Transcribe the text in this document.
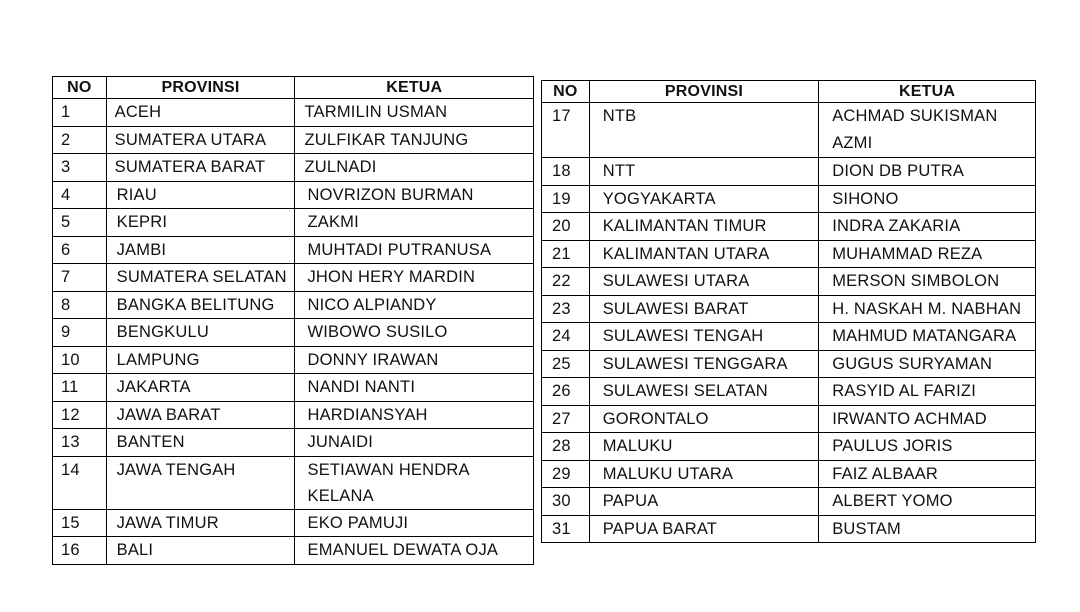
NO	PROVINSI	KETUA
1	ACEH	TARMILIN USMAN
2	SUMATERA UTARA	ZULFIKAR TANJUNG
3	SUMATERA BARAT	ZULNADI
4	RIAU	NOVRIZON BURMAN
5	KEPRI	ZAKMI
6	JAMBI	MUHTADI PUTRANUSA
7	SUMATERA SELATAN	JHON HERY MARDIN
8	BANGKA BELITUNG	NICO ALPIANDY
9	BENGKULU	WIBOWO SUSILO
10	LAMPUNG	DONNY IRAWAN
11	JAKARTA	NANDI NANTI
12	JAWA BARAT	HARDIANSYAH
13	BANTEN	JUNAIDI
14	JAWA TENGAH	SETIAWAN HENDRA KELANA
15	JAWA TIMUR	EKO PAMUJI
16	BALI	EMANUEL DEWATA OJA
NO	PROVINSI	KETUA
17	NTB	ACHMAD SUKISMAN AZMI
18	NTT	DION DB PUTRA
19	YOGYAKARTA	SIHONO
20	KALIMANTAN TIMUR	INDRA ZAKARIA
21	KALIMANTAN UTARA	MUHAMMAD REZA
22	SULAWESI UTARA	MERSON SIMBOLON
23	SULAWESI BARAT	H. NASKAH M. NABHAN
24	SULAWESI TENGAH	MAHMUD MATANGARA
25	SULAWESI TENGGARA	GUGUS SURYAMAN
26	SULAWESI SELATAN	RASYID AL FARIZI
27	GORONTALO	IRWANTO ACHMAD
28	MALUKU	PAULUS JORIS
29	MALUKU UTARA	FAIZ ALBAAR
30	PAPUA	ALBERT YOMO
31	PAPUA BARAT	BUSTAM
